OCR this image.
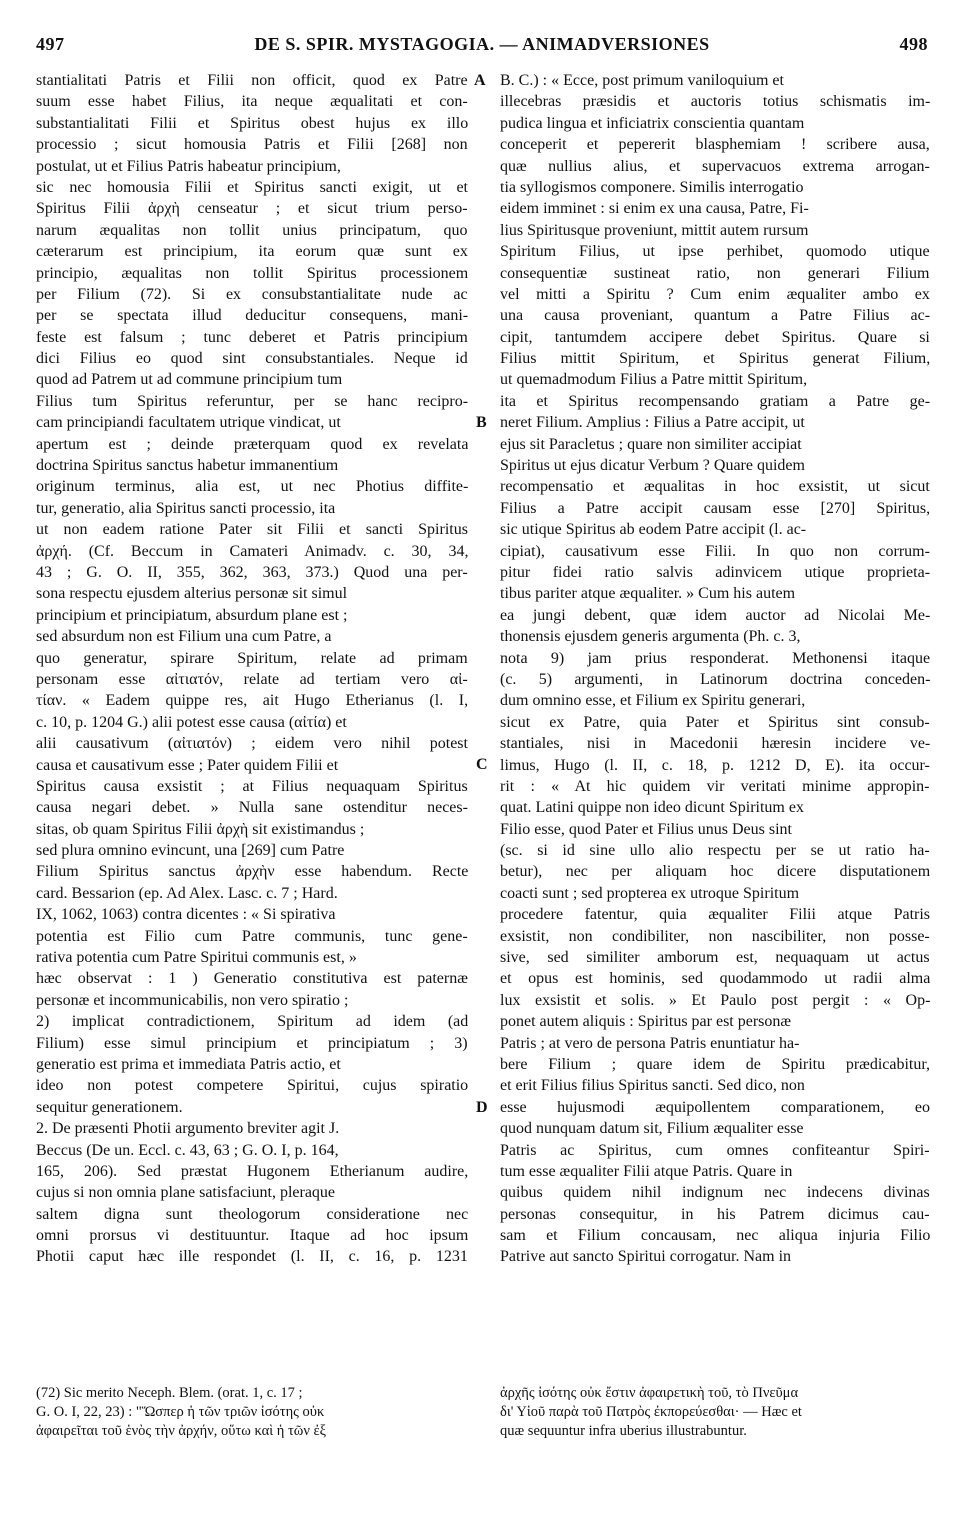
497	DE S. SPIR. MYSTAGOGIA. — ANIMADVERSIONES	498
stantialitati Patris et Filii non officit, quod ex Patre
suum esse habet Filius, ita neque æqualitati et con-
substantialitati Filii et Spiritus obest hujus ex illo
processio ; sicut homousia Patris et Filii [268] non
postulat, ut et Filius Patris habeatur principium,
sic nec homousia Filii et Spiritus sancti exigit, ut et
Spiritus Filii ἀρχὴ censeatur ; et sicut trium perso-
narum æqualitas non tollit unius principatum, quo
cæterarum est principium, ita eorum quæ sunt ex
principio, æqualitas non tollit Spiritus processionem
per Filium (72). Si ex consubstantialitate nude ac
per se spectata illud deducitur consequens, mani-
feste est falsum ; tunc deberet et Patris principium
dici Filius eo quod sint consubstantiales. Neque id
quod ad Patrem ut ad commune principium tum
Filius tum Spiritus referuntur, per se hanc recipro-
cam principiandi facultatem utrique vindicat, ut
apertum est ; deinde præterquam quod ex revelata
doctrina Spiritus sanctus habetur immanentium
originum terminus, alia est, ut nec Photius diffite-
tur, generatio, alia Spiritus sancti processio, ita
ut non eadem ratione Pater sit Filii et sancti Spiritus
ἀρχή. (Cf. Beccum in Camateri Animadv. c. 30, 34,
43 ; G. O. II, 355, 362, 363, 373.) Quod una per-
sona respectu ejusdem alterius personæ sit simul
principium et principiatum, absurdum plane est ;
sed absurdum non est Filium una cum Patre, a
quo generatur, spirare Spiritum, relate ad primam
personam esse αἰτιατόν, relate ad tertiam vero αἰ-
τίαν. « Eadem quippe res, ait Hugo Etherianus (l. I,
c. 10, p. 1204 G.) alii potest esse causa (αἰτία) et
alii causativum (αἰτιατόν) ; eidem vero nihil potest
causa et causativum esse ; Pater quidem Filii et
Spiritus causa exsistit ; at Filius nequaquam Spiritus
causa negari debet. » Nulla sane ostenditur neces-
sitas, ob quam Spiritus Filii ἀρχὴ sit existimandus ;
sed plura omnino evincunt, una [269] cum Patre
Filium Spiritus sanctus ἀρχὴν esse habendum. Recte
card. Bessarion (ep. Ad Alex. Lasc. c. 7 ; Hard.
IX, 1062, 1063) contra dicentes : « Si spirativa
potentia est Filio cum Patre communis, tunc gene-
rativa potentia cum Patre Spiritui communis est, »
hæc observat : 1 ) Generatio constitutiva est paternæ
personæ et incommunicabilis, non vero spiratio ;
2) implicat contradictionem, Spiritum ad idem (ad
Filium) esse simul principium et principiatum ; 3)
generatio est prima et immediata Patris actio, et
ideo non potest competere Spiritui, cujus spiratio
sequitur generationem.
2. De præsenti Photii argumento breviter agit J.
Beccus (De un. Eccl. c. 43, 63 ; G. O. I, p. 164,
165, 206). Sed præstat Hugonem Etherianum audire,
cujus si non omnia plane satisfaciunt, pleraque
saltem digna sunt theologorum consideratione nec
omni prorsus vi destituuntur. Itaque ad hoc ipsum
Photii caput hæc ille respondet (l. II, c. 16, p. 1231
B. C.) : « Ecce, post primum vaniloquium et
illecebras præsidis et auctoris totius schismatis im-
pudica lingua et inficiatrix conscientia quantam
conceperit et pepererit blasphemiam ! scribere ausa,
quæ nullius alius, et supervacuos extrema arrogan-
tia syllogismos componere. Similis interrogatio
eidem imminet : si enim ex una causa, Patre, Fi-
lius Spiritusque proveniunt, mittit autem rursum
Spiritum Filius, ut ipse perhibet, quomodo utique
consequentiæ sustineat ratio, non generari Filium
vel mitti a Spiritu ? Cum enim æqualiter ambo ex
una causa proveniant, quantum a Patre Filius ac-
cipit, tantumdem accipere debet Spiritus. Quare si
Filius mittit Spiritum, et Spiritus generat Filium,
ut quemadmodum Filius a Patre mittit Spiritum,
ita et Spiritus recompensando gratiam a Patre ge-
neret Filium. Amplius : Filius a Patre accipit, ut
ejus sit Paracletus ; quare non similiter accipiat
Spiritus ut ejus dicatur Verbum ? Quare quidem
recompensatio et æqualitas in hoc exsistit, ut sicut
Filius a Patre accipit causam esse [270] Spiritus,
sic utique Spiritus ab eodem Patre accipit (l. ac-
cipiat), causativum esse Filii. In quo non corrum-
pitur fidei ratio salvis adinvicem utique proprieta-
tibus pariter atque æqualiter. » Cum his autem
ea jungi debent, quæ idem auctor ad Nicolai Me-
thonensis ejusdem generis argumenta (Ph. c. 3,
nota 9) jam prius responderat. Methonensi itaque
(c. 5) argumenti, in Latinorum doctrina conceden-
dum omnino esse, et Filium ex Spiritu generari,
sicut ex Patre, quia Pater et Spiritus sint consub-
stantiales, nisi in Macedonii hæresin incidere ve-
limus, Hugo (l. II, c. 18, p. 1212 D, E). ita occur-
rit : « At hic quidem vir veritati minime appropin-
quat. Latini quippe non ideo dicunt Spiritum ex
Filio esse, quod Pater et Filius unus Deus sint
(sc. si id sine ullo alio respectu per se ut ratio ha-
betur), nec per aliquam hoc dicere disputationem
coacti sunt ; sed propterea ex utroque Spiritum
procedere fatentur, quia æqualiter Filii atque Patris
exsistit, non condibiliter, non nascibiliter, non posse-
sive, sed similiter amborum est, nequaquam ut actus
et opus est hominis, sed quodammodo ut radii alma
lux exsistit et solis. » Et Paulo post pergit : « Op-
ponet autem aliquis : Spiritus par est personæ
Patris ; at vero de persona Patris enuntiatur ha-
bere Filium ; quare idem de Spiritu prædicabitur,
et erit Filius filius Spiritus sancti. Sed dico, non
esse hujusmodi æquipollentem comparationem, eo
quod nunquam datum sit, Filium æqualiter esse
Patris ac Spiritus, cum omnes confiteantur Spiri-
tum esse æqualiter Filii atque Patris. Quare in
quibus quidem nihil indignum nec indecens divinas
personas consequitur, in his Patrem dicimus cau-
sam et Filium concausam, nec aliqua injuria Filio
Patrive aut sancto Spiritui corrogatur. Nam in
A
B
C
D
(72) Sic merito Neceph. Blem. (orat. 1, c. 17 ;
G. O. I, 22, 23) : "Ὥσπερ ἡ τῶν τριῶν ἰσότης οὐκ
ἀφαιρεῖται τοῦ ἑνὸς τὴν ἀρχήν, οὕτω καὶ ἡ τῶν ἐξ
ἀρχῆς ἰσότης οὐκ ἔστιν ἀφαιρετικὴ τοῦ, τὸ Πνεῦμα
δι' Υἱοῦ παρὰ τοῦ Πατρὸς ἐκπορεύεσθαι· — Hæc et
quæ sequuntur infra uberius illustrabuntur.
